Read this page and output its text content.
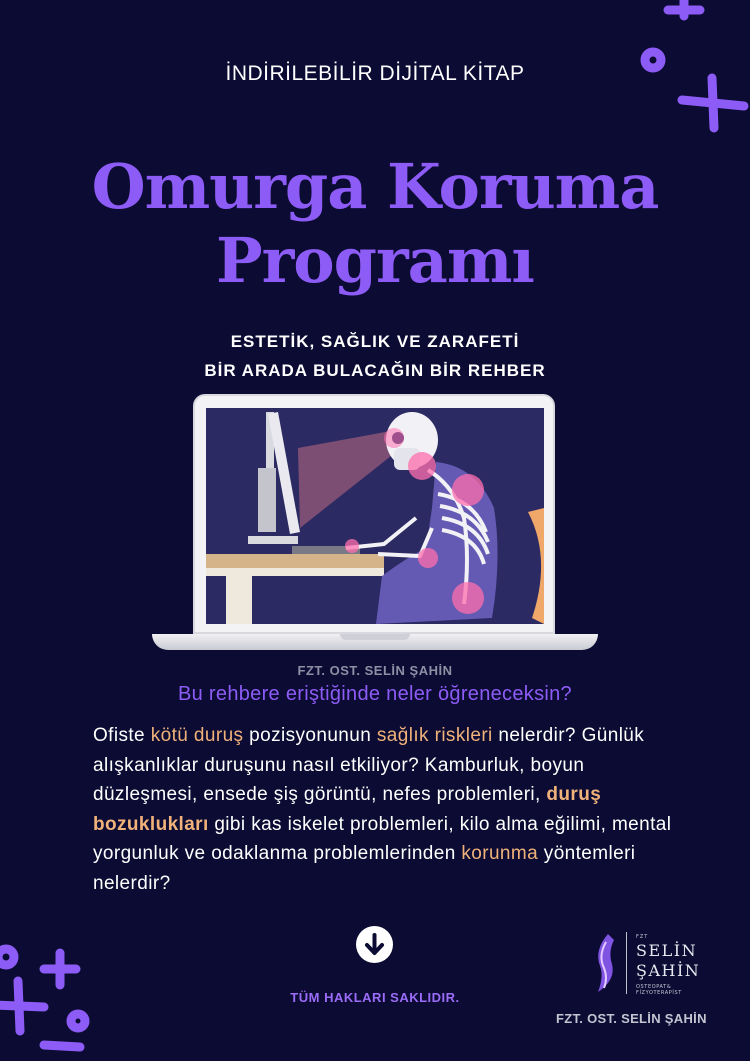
İNDİRİLEBİLİR DİJİTAL KİTAP
Omurga Koruma
Programı
ESTETİK, SAĞLIK VE ZARAFETİ
BİR ARADA BULACAĞIN BİR REHBER
FZT. OST. SELİN ŞAHİN
Bu rehbere eriştiğinde neler öğreneceksin?
Ofiste kötü duruş pozisyonunun sağlık riskleri nelerdir? Günlük alışkanlıklar duruşunu nasıl etkiliyor? Kamburluk, boyun düzleşmesi, ensede şiş görüntü, nefes problemleri, duruş bozuklukları gibi kas iskelet problemleri, kilo alma eğilimi, mental yorgunluk ve odaklanma problemlerinden korunma yöntemleri nelerdir?
TÜM HAKLARI SAKLIDIR.
FZT
SELİN
ŞAHİN
OSTEOPAT& FİZYOTERAPİST
FZT. OST. SELİN ŞAHİN
